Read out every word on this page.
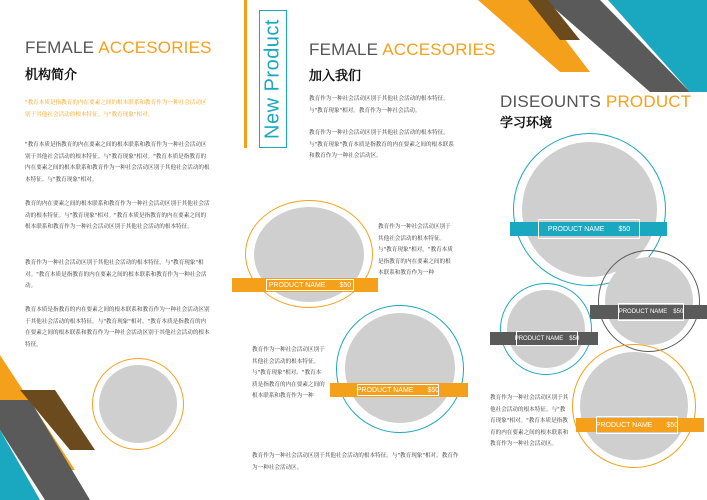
FEMALE ACCESORIES
机构简介
"教育本质是指教育的内在要素之间的根本联系和教育作为一种社会活动区别于其他社会活动的根本特征。与"教育现象"相对。
"教育本质是指教育的内在要素之间的根本联系和教育作为一种社会活动区别于其他社会活动的根本特征。与"教育现象"相对。"教育本质是指教育的内在要素之间的根本联系和教育作为一种社会活动区别于其他社会活动的根本特征。与"教育现象"相对。
教育的内在要素之间的根本联系和教育作为一种社会活动区别于其他社会活动的根本特征。与"教育现象"相对。"教育本质是指教育的内在要素之间的根本联系和教育作为一种社会活动区别于其他社会活动的根本特征。
教育作为一种社会活动区别于其他社会活动的根本特征。与"教育现象"相对。"教育本质是指教育的内在要素之间的根本联系和教育作为一种社会活动。
教育本质是指教育的内在要素之间的根本联系和教育作为一种社会活动区别于其他社会活动的根本特征。与"教育现象"相对。"教育本质是指教育的内在要素之间的根本联系和教育作为一种社会活动区别于其他社会活动的根本特征。
New Product FEMALE ACCESORIES
加入我们
教育作为一种社会活动区别于其他社会活动的根本特征。与"教育现象"相对。教育作为一种社会活动。
教育作为一种社会活动区别于其他社会活动的根本特征。与"教育现象"教育本质是指教育的内在要素之间的根本联系和教育作为一种社会活动区。
PRODUCT NAME $50
教育作为一种社会活动区别于其他社会活动的根本特征。与"教育现象"相对。"教育本质是指教育的内在要素之间的根本联系和教育作为一种
PRODUCT NAME $50
教育作为一种社会活动区别于其他社会活动的根本特征。与"教育现象"相对。"教育本质是指教育的内在要素之间的根本联系和教育作为一种
教育作为一种社会活动区别于其他社会活动的根本特征。与"教育现象"相对。教育作为一种社会活动区。
DISEOUNTS PRODUCT
学习环境
PRODUCT NAME $50
PRODUCT NAME $50
PRODUCT NAME $50
PRODUCT NAME $50
教育作为一种社会活动区别于其他社会活动的根本特征。与"教育现象"相对。"教育本质是指教育的内在要素之间的根本联系和教育作为一种社会活动区。
